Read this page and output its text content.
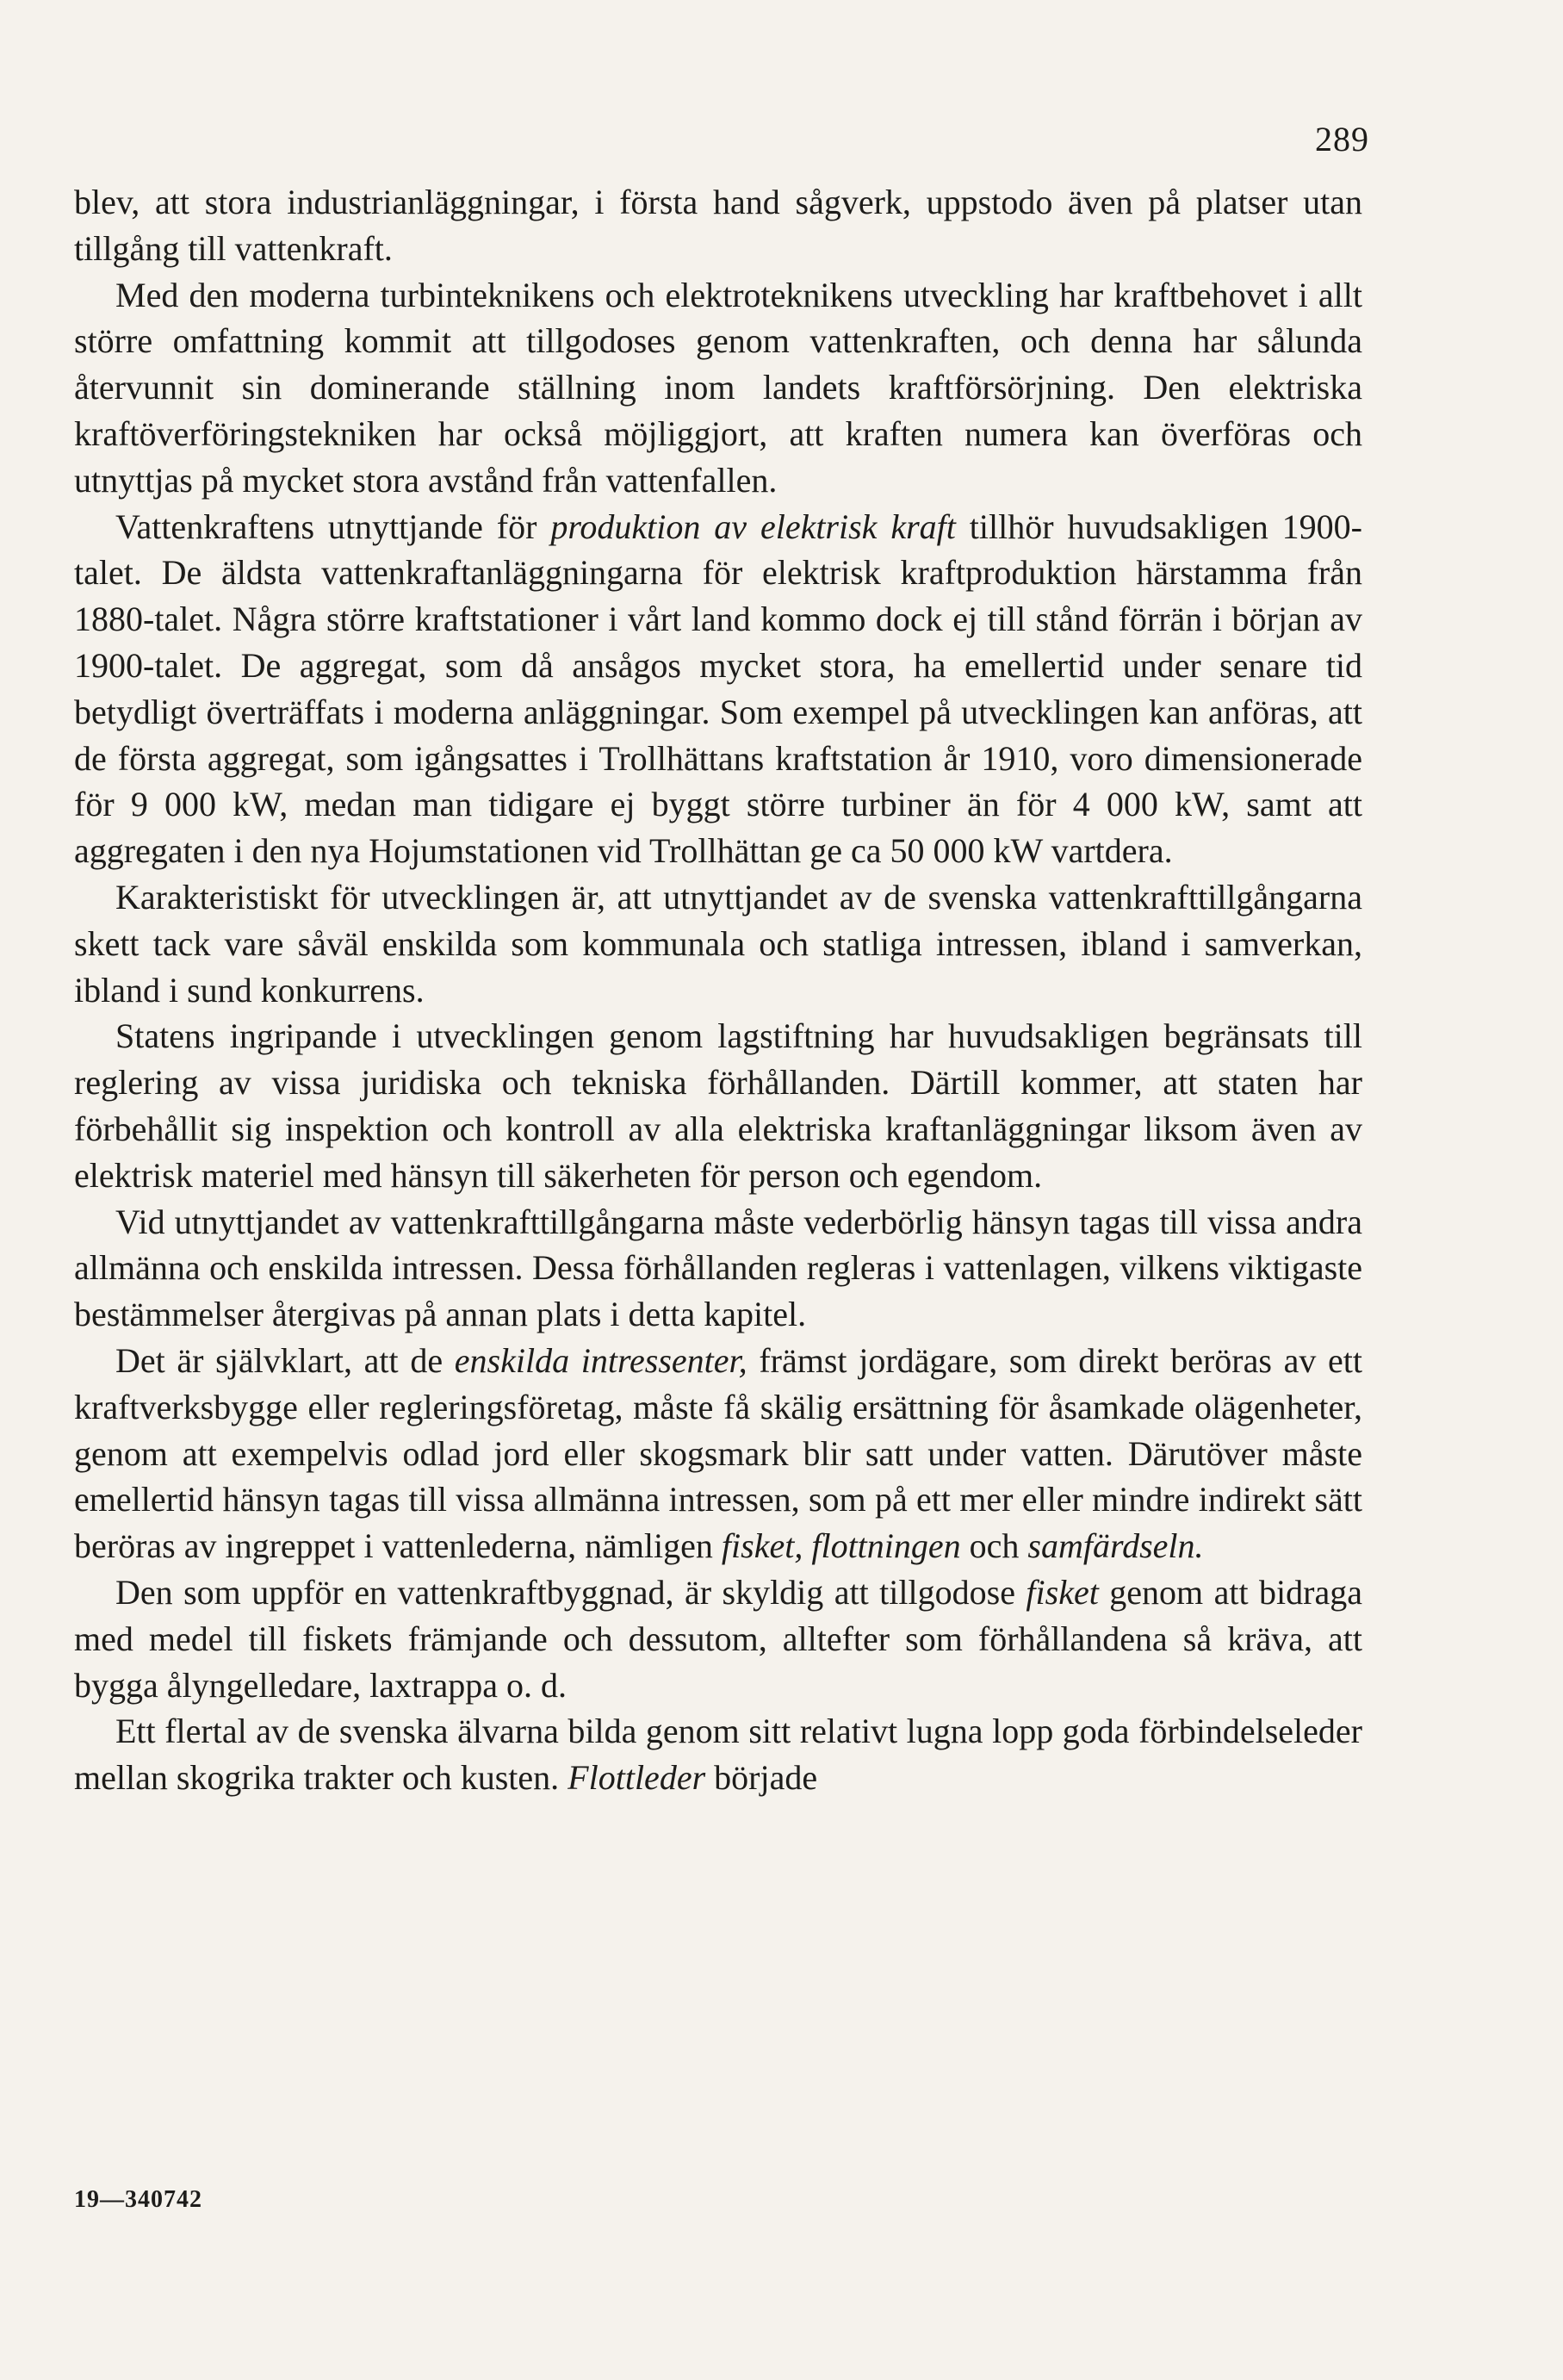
289

blev, att stora industrianläggningar, i första hand sågverk, uppstodo även på platser utan tillgång till vattenkraft.

Med den moderna turbinteknikens och elektroteknikens utveckling har kraftbehovet i allt större omfattning kommit att tillgodoses genom vattenkraften, och denna har sålunda återvunnit sin dominerande ställning inom landets kraftförsörjning. Den elektriska kraftöverföringstekniken har också möjliggjort, att kraften numera kan överföras och utnyttjas på mycket stora avstånd från vattenfallen.

Vattenkraftens utnyttjande för produktion av elektrisk kraft tillhör huvudsakligen 1900-talet. De äldsta vattenkraftanläggningarna för elektrisk kraftproduktion härstamma från 1880-talet. Några större kraftstationer i vårt land kommo dock ej till stånd förrän i början av 1900-talet. De aggregat, som då ansågos mycket stora, ha emellertid under senare tid betydligt överträffats i moderna anläggningar. Som exempel på utvecklingen kan anföras, att de första aggregat, som igångsattes i Trollhättans kraftstation år 1910, voro dimensionerade för 9 000 kW, medan man tidigare ej byggt större turbiner än för 4 000 kW, samt att aggregaten i den nya Hojumstationen vid Trollhättan ge ca 50 000 kW vartdera.

Karakteristiskt för utvecklingen är, att utnyttjandet av de svenska vattenkrafttillgångarna skett tack vare såväl enskilda som kommunala och statliga intressen, ibland i samverkan, ibland i sund konkurrens.

Statens ingripande i utvecklingen genom lagstiftning har huvudsakligen begränsats till reglering av vissa juridiska och tekniska förhållanden. Därtill kommer, att staten har förbehållit sig inspektion och kontroll av alla elektriska kraftanläggningar liksom även av elektrisk materiel med hänsyn till säkerheten för person och egendom.

Vid utnyttjandet av vattenkrafttillgångarna måste vederbörlig hänsyn tagas till vissa andra allmänna och enskilda intressen. Dessa förhållanden regleras i vattenlagen, vilkens viktigaste bestämmelser återgivas på annan plats i detta kapitel.

Det är självklart, att de enskilda intressenter, främst jordägare, som direkt beröras av ett kraftverksbygge eller regleringsföretag, måste få skälig ersättning för åsamkade olägenheter, genom att exempelvis odlad jord eller skogsmark blir satt under vatten. Därutöver måste emellertid hänsyn tagas till vissa allmänna intressen, som på ett mer eller mindre indirekt sätt beröras av ingreppet i vattenlederna, nämligen fisket, flottningen och samfärdseln.

Den som uppför en vattenkraftbyggnad, är skyldig att tillgodose fisket genom att bidraga med medel till fiskets främjande och dessutom, alltefter som förhållandena så kräva, att bygga ålyngelledare, laxtrappa o. d.

Ett flertal av de svenska älvarna bilda genom sitt relativt lugna lopp goda förbindelseleder mellan skogrika trakter och kusten. Flottleder började

19—340742
